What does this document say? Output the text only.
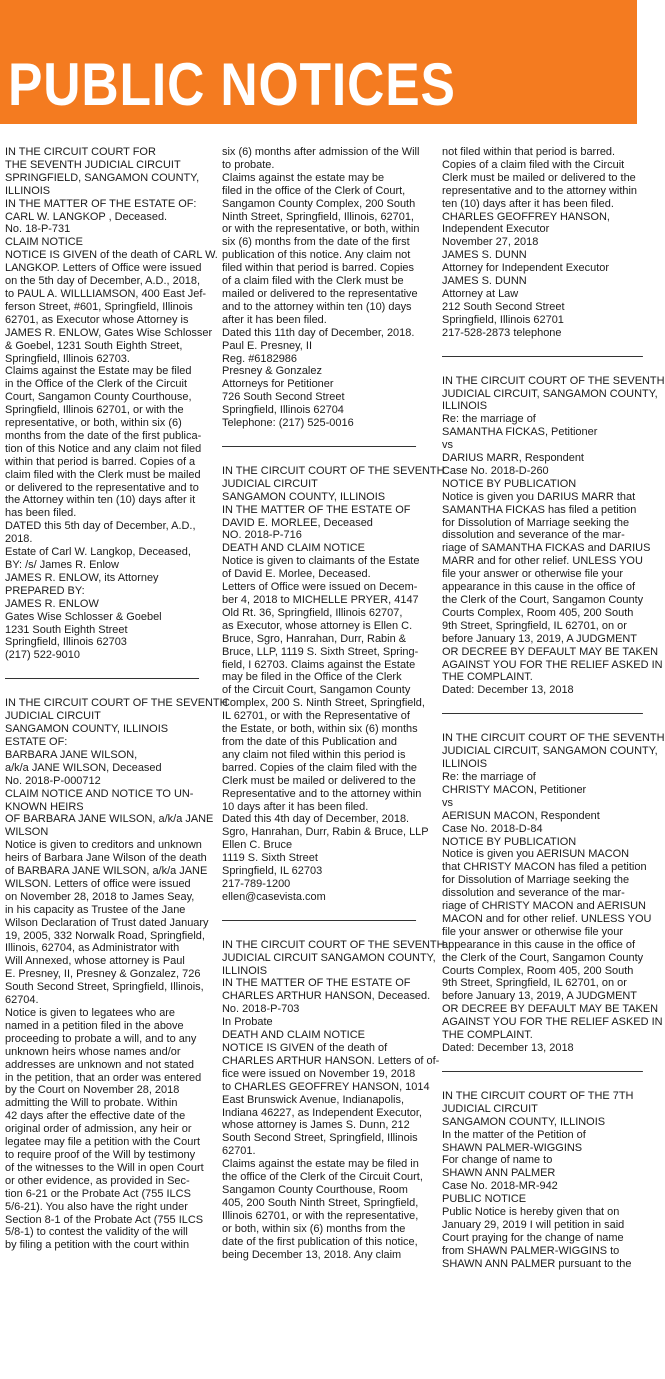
PUBLIC NOTICES
IN THE CIRCUIT COURT FOR
THE SEVENTH JUDICIAL CIRCUIT
SPRINGFIELD, SANGAMON COUNTY,
ILLINOIS
IN THE MATTER OF THE ESTATE OF:
CARL W. LANGKOP , Deceased.
No. 18-P-731
CLAIM NOTICE
NOTICE IS GIVEN of the death of CARL W.
LANGKOP. Letters of Office were issued
on the 5th day of December, A.D., 2018,
to PAUL A. WILLLIAMSON, 400 East Jef-
ferson Street, #601, Springfield, Illinois
62701, as Executor whose Attorney is
JAMES R. ENLOW, Gates Wise Schlosser
& Goebel, 1231 South Eighth Street,
Springfield, Illinois 62703.
Claims against the Estate may be filed
in the Office of the Clerk of the Circuit
Court, Sangamon County Courthouse,
Springfield, Illinois 62701, or with the
representative, or both, within six (6)
months from the date of the first publica-
tion of this Notice and any claim not filed
within that period is barred. Copies of a
claim filed with the Clerk must be mailed
or delivered to the representative and to
the Attorney within ten (10) days after it
has been filed.
DATED this 5th day of December, A.D.,
2018.
Estate of Carl W. Langkop, Deceased,
BY: /s/ James R. Enlow
JAMES R. ENLOW, its Attorney
PREPARED BY:
JAMES R. ENLOW
Gates Wise Schlosser & Goebel
1231 South Eighth Street
Springfield, Illinois 62703
(217) 522-9010
IN THE CIRCUIT COURT OF THE SEVENTH
JUDICIAL CIRCUIT
SANGAMON COUNTY, ILLINOIS
ESTATE OF:
BARBARA JANE WILSON,
a/k/a JANE WILSON, Deceased
No. 2018-P-000712
CLAIM NOTICE AND NOTICE TO UN-
KNOWN HEIRS
OF BARBARA JANE WILSON, a/k/a JANE
WILSON
Notice is given to creditors and unknown
heirs of Barbara Jane Wilson of the death
of BARBARA JANE WILSON, a/k/a JANE
WILSON. Letters of office were issued
on November 28, 2018 to James Seay,
in his capacity as Trustee of the Jane
Wilson Declaration of Trust dated January
19, 2005, 332 Norwalk Road, Springfield,
Illinois, 62704, as Administrator with
Will Annexed, whose attorney is Paul
E. Presney, II, Presney & Gonzalez, 726
South Second Street, Springfield, Illinois,
62704.
Notice is given to legatees who are
named in a petition filed in the above
proceeding to probate a will, and to any
unknown heirs whose names and/or
addresses are unknown and not stated
in the petition, that an order was entered
by the Court on November 28, 2018
admitting the Will to probate. Within
42 days after the effective date of the
original order of admission, any heir or
legatee may file a petition with the Court
to require proof of the Will by testimony
of the witnesses to the Will in open Court
or other evidence, as provided in Sec-
tion 6-21 or the Probate Act (755 ILCS
5/6-21). You also have the right under
Section 8-1 of the Probate Act (755 ILCS
5/8-1) to contest the validity of the will
by filing a petition with the court within
six (6) months after admission of the Will
to probate.
Claims against the estate may be
filed in the office of the Clerk of Court,
Sangamon County Complex, 200 South
Ninth Street, Springfield, Illinois, 62701,
or with the representative, or both, within
six (6) months from the date of the first
publication of this notice. Any claim not
filed within that period is barred. Copies
of a claim filed with the Clerk must be
mailed or delivered to the representative
and to the attorney within ten (10) days
after it has been filed.
Dated this 11th day of December, 2018.
Paul E. Presney, II
Reg. #6182986
Presney & Gonzalez
Attorneys for Petitioner
726 South Second Street
Springfield, Illinois 62704
Telephone: (217) 525-0016
IN THE CIRCUIT COURT OF THE SEVENTH
JUDICIAL CIRCUIT
SANGAMON COUNTY, ILLINOIS
IN THE MATTER OF THE ESTATE OF
DAVID E. MORLEE, Deceased
NO. 2018-P-716
DEATH AND CLAIM NOTICE
Notice is given to claimants of the Estate
of David E. Morlee, Deceased.
Letters of Office were issued on Decem-
ber 4, 2018 to MICHELLE PRYER, 4147
Old Rt. 36, Springfield, Illinois 62707,
as Executor, whose attorney is Ellen C.
Bruce, Sgro, Hanrahan, Durr, Rabin &
Bruce, LLP, 1119 S. Sixth Street, Spring-
field, I 62703. Claims against the Estate
may be filed in the Office of the Clerk
of the Circuit Court, Sangamon County
Complex, 200 S. Ninth Street, Springfield,
IL 62701, or with the Representative of
the Estate, or both, within six (6) months
from the date of this Publication and
any claim not filed within this period is
barred. Copies of the claim filed with the
Clerk must be mailed or delivered to the
Representative and to the attorney within
10 days after it has been filed.
Dated this 4th day of December, 2018.
Sgro, Hanrahan, Durr, Rabin & Bruce, LLP
Ellen C. Bruce
1119 S. Sixth Street
Springfield, IL 62703
217-789-1200
ellen@casevista.com
IN THE CIRCUIT COURT OF THE SEVENTH
JUDICIAL CIRCUIT SANGAMON COUNTY,
ILLINOIS
IN THE MATTER OF THE ESTATE OF
CHARLES ARTHUR HANSON, Deceased.
No. 2018-P-703
In Probate
DEATH AND CLAIM NOTICE
NOTICE IS GIVEN of the death of
CHARLES ARTHUR HANSON. Letters of of-
fice were issued on November 19, 2018
to CHARLES GEOFFREY HANSON, 1014
East Brunswick Avenue, Indianapolis,
Indiana 46227, as Independent Executor,
whose attorney is James S. Dunn, 212
South Second Street, Springfield, Illinois
62701.
Claims against the estate may be filed in
the office of the Clerk of the Circuit Court,
Sangamon County Courthouse, Room
405, 200 South Ninth Street, Springfield,
Illinois 62701, or with the representative,
or both, within six (6) months from the
date of the first publication of this notice,
being December 13, 2018. Any claim
not filed within that period is barred.
Copies of a claim filed with the Circuit
Clerk must be mailed or delivered to the
representative and to the attorney within
ten (10) days after it has been filed.
CHARLES GEOFFREY HANSON,
Independent Executor
November 27, 2018
JAMES S. DUNN
Attorney for Independent Executor
JAMES S. DUNN
Attorney at Law
212 South Second Street
Springfield, Illinois 62701
217-528-2873 telephone
IN THE CIRCUIT COURT OF THE SEVENTH
JUDICIAL CIRCUIT, SANGAMON COUNTY,
ILLINOIS
Re: the marriage of
SAMANTHA FICKAS, Petitioner
vs
DARIUS MARR, Respondent
Case No. 2018-D-260
NOTICE BY PUBLICATION
Notice is given you DARIUS MARR that
SAMANTHA FICKAS has filed a petition
for Dissolution of Marriage seeking the
dissolution and severance of the mar-
riage of SAMANTHA FICKAS and DARIUS
MARR and for other relief. UNLESS YOU
file your answer or otherwise file your
appearance in this cause in the office of
the Clerk of the Court, Sangamon County
Courts Complex, Room 405, 200 South
9th Street, Springfield, IL 62701, on or
before January 13, 2019, A JUDGMENT
OR DECREE BY DEFAULT MAY BE TAKEN
AGAINST YOU FOR THE RELIEF ASKED IN
THE COMPLAINT.
Dated: December 13, 2018
IN THE CIRCUIT COURT OF THE SEVENTH
JUDICIAL CIRCUIT, SANGAMON COUNTY,
ILLINOIS
Re: the marriage of
CHRISTY MACON, Petitioner
vs
AERISUN MACON, Respondent
Case No. 2018-D-84
NOTICE BY PUBLICATION
Notice is given you AERISUN MACON
that CHRISTY MACON has filed a petition
for Dissolution of Marriage seeking the
dissolution and severance of the mar-
riage of CHRISTY MACON and AERISUN
MACON and for other relief. UNLESS YOU
file your answer or otherwise file your
appearance in this cause in the office of
the Clerk of the Court, Sangamon County
Courts Complex, Room 405, 200 South
9th Street, Springfield, IL 62701, on or
before January 13, 2019, A JUDGMENT
OR DECREE BY DEFAULT MAY BE TAKEN
AGAINST YOU FOR THE RELIEF ASKED IN
THE COMPLAINT.
Dated: December 13, 2018
IN THE CIRCUIT COURT OF THE 7TH
JUDICIAL CIRCUIT
SANGAMON COUNTY, ILLINOIS
In the matter of the Petition of
SHAWN PALMER-WIGGINS
For change of name to
SHAWN ANN PALMER
Case No. 2018-MR-942
PUBLIC NOTICE
Public Notice is hereby given that on
January 29, 2019 I will petition in said
Court praying for the change of name
from SHAWN PALMER-WIGGINS to
SHAWN ANN PALMER pursuant to the
